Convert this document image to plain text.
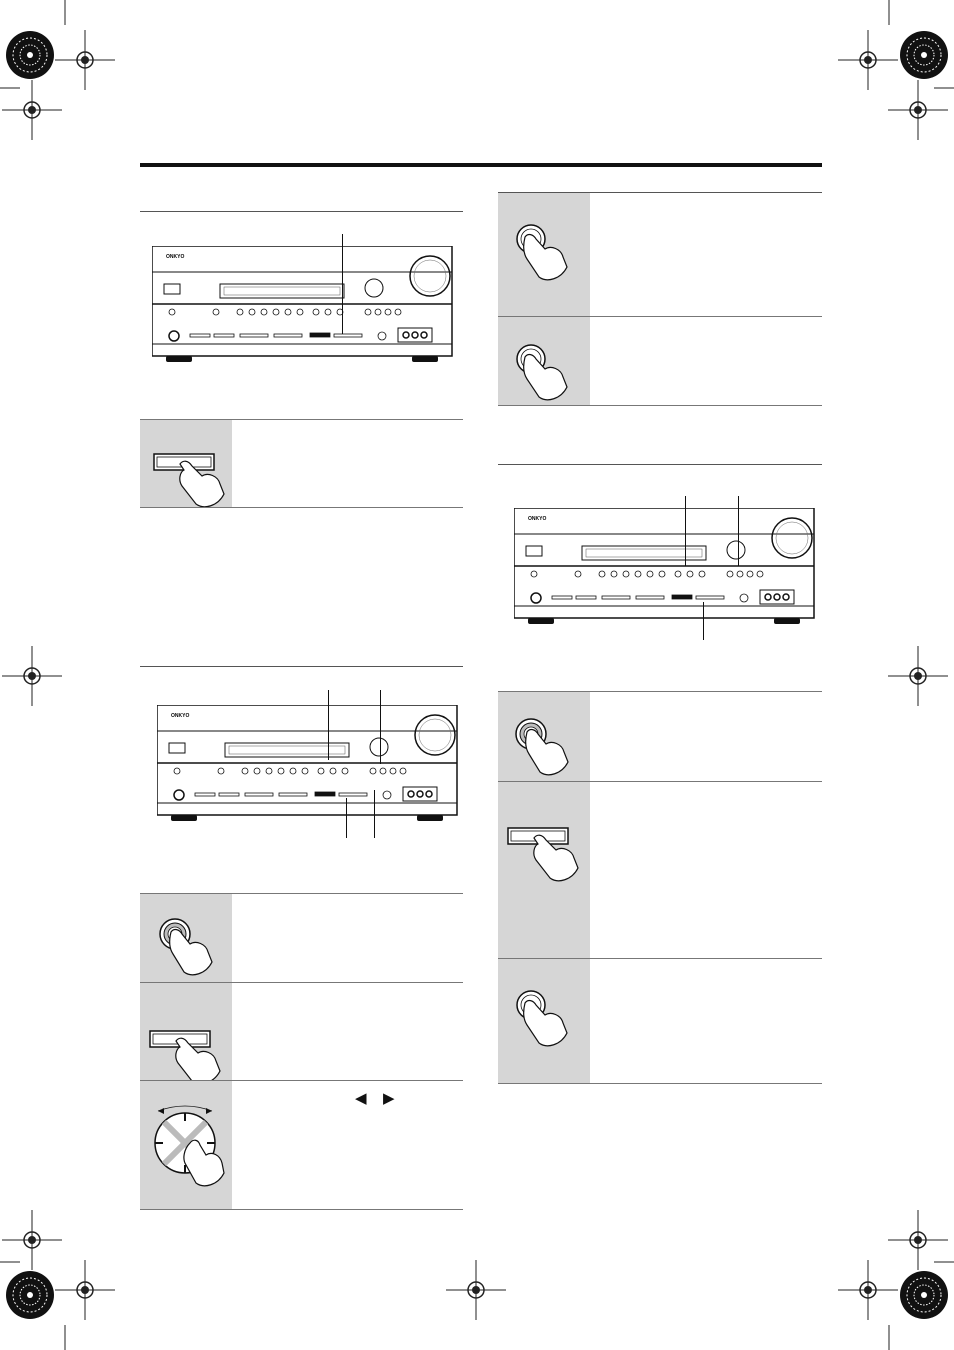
ONKYO
ONKYO
◀ ▶
ONKYO
